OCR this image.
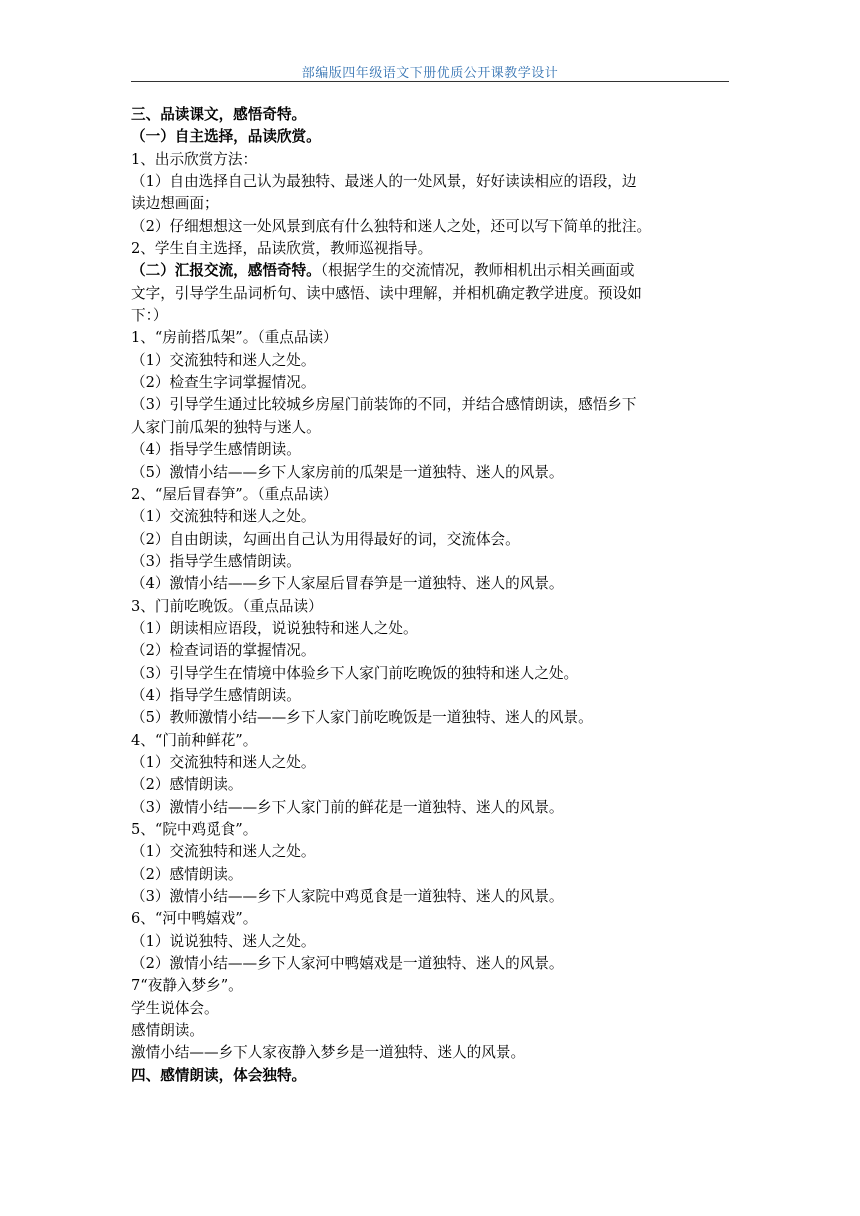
部编版四年级语文下册优质公开课教学设计
三、品读课文，感悟奇特。
（一）自主选择，品读欣赏。
1、出示欣赏方法：
（1）自由选择自己认为最独特、最迷人的一处风景，好好读读相应的语段，边
读边想画面；
（2）仔细想想这一处风景到底有什么独特和迷人之处，还可以写下简单的批注。
2、学生自主选择，品读欣赏，教师巡视指导。
（二）汇报交流，感悟奇特。（根据学生的交流情况，教师相机出示相关画面或
文字，引导学生品词析句、读中感悟、读中理解，并相机确定教学进度。预设如
下：）
1、“房前搭瓜架”。（重点品读）
（1）交流独特和迷人之处。
（2）检查生字词掌握情况。
（3）引导学生通过比较城乡房屋门前装饰的不同，并结合感情朗读，感悟乡下
人家门前瓜架的独特与迷人。
（4）指导学生感情朗读。
（5）激情小结——乡下人家房前的瓜架是一道独特、迷人的风景。
2、“屋后冒春笋”。（重点品读）
（1）交流独特和迷人之处。
（2）自由朗读，勾画出自己认为用得最好的词，交流体会。
（3）指导学生感情朗读。
（4）激情小结——乡下人家屋后冒春笋是一道独特、迷人的风景。
3、门前吃晚饭。（重点品读）
（1）朗读相应语段，说说独特和迷人之处。
（2）检查词语的掌握情况。
（3）引导学生在情境中体验乡下人家门前吃晚饭的独特和迷人之处。
（4）指导学生感情朗读。
（5）教师激情小结——乡下人家门前吃晚饭是一道独特、迷人的风景。
4、“门前种鲜花”。
（1）交流独特和迷人之处。
（2）感情朗读。
（3）激情小结——乡下人家门前的鲜花是一道独特、迷人的风景。
5、“院中鸡觅食”。
（1）交流独特和迷人之处。
（2）感情朗读。
（3）激情小结——乡下人家院中鸡觅食是一道独特、迷人的风景。
6、“河中鸭嬉戏”。
（1）说说独特、迷人之处。
（2）激情小结——乡下人家河中鸭嬉戏是一道独特、迷人的风景。
7“夜静入梦乡”。
学生说体会。
感情朗读。
激情小结——乡下人家夜静入梦乡是一道独特、迷人的风景。
四、感情朗读，体会独特。
